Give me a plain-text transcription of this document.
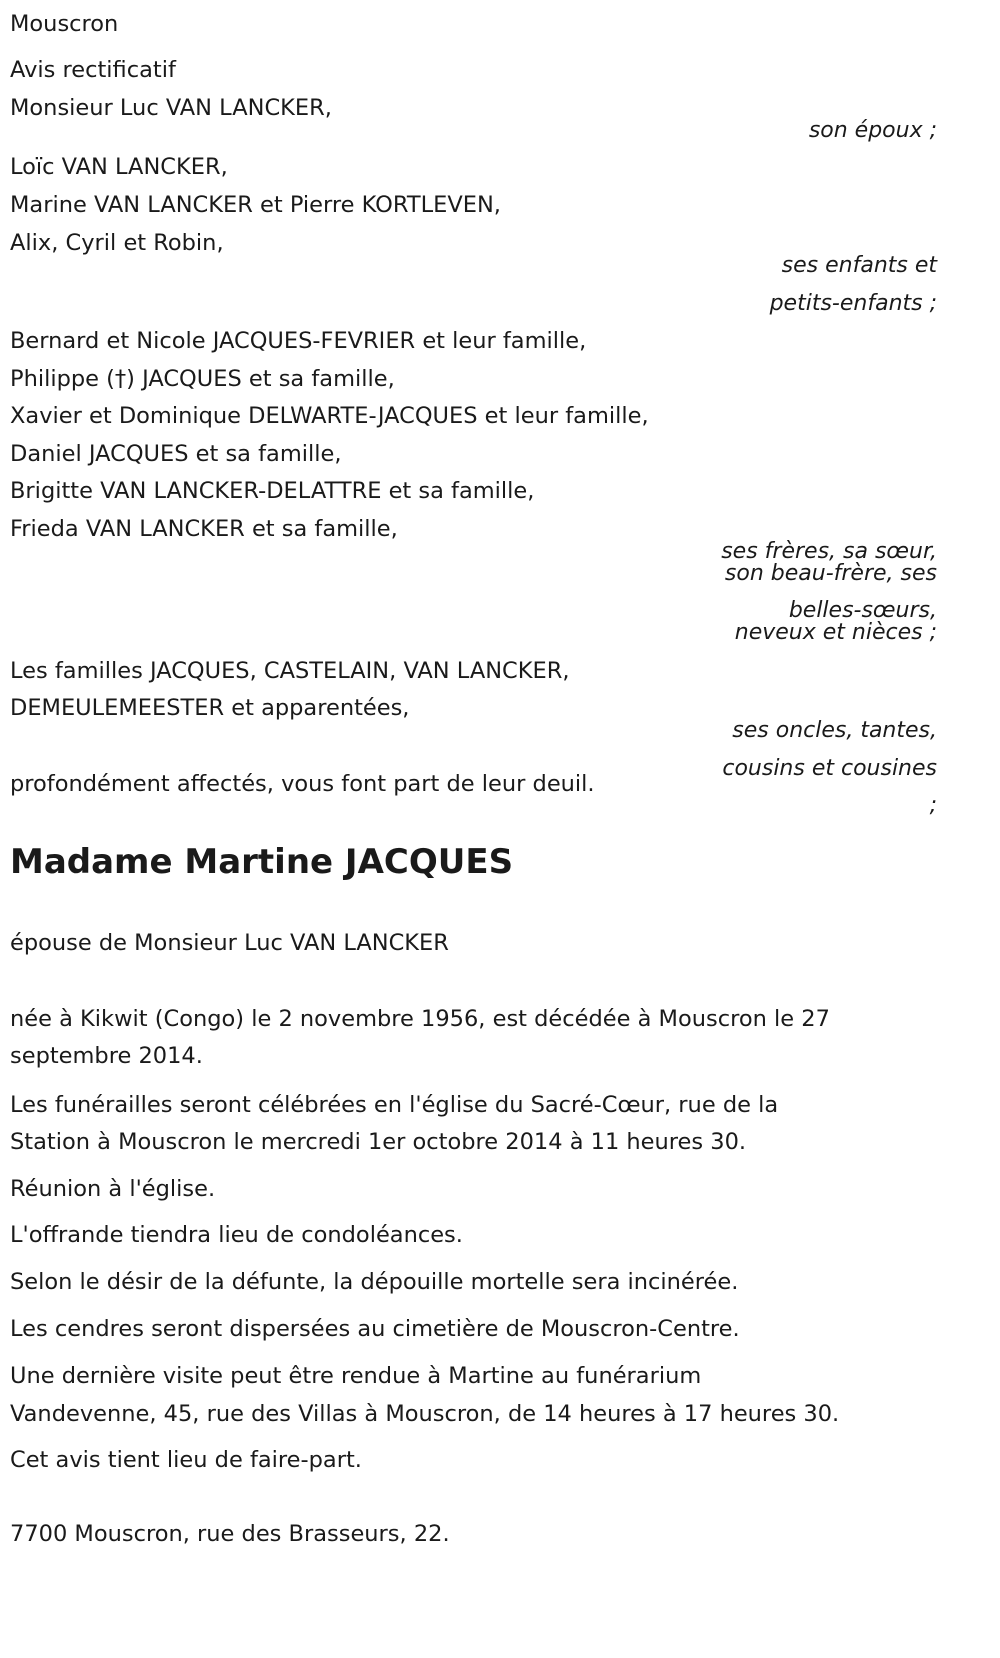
Mouscron
Avis rectificatif
Monsieur Luc VAN LANCKER,
son époux ;
Loïc VAN LANCKER,
Marine VAN LANCKER et Pierre KORTLEVEN,
Alix, Cyril et Robin,
ses enfants et
petits-enfants ;
Bernard et Nicole JACQUES-FEVRIER et leur famille,
Philippe (†) JACQUES et sa famille,
Xavier et Dominique DELWARTE-JACQUES et leur famille,
Daniel JACQUES et sa famille,
Brigitte VAN LANCKER-DELATTRE et sa famille,
Frieda VAN LANCKER et sa famille,
ses frères, sa sœur,
son beau-frère, ses
belles-sœurs,
neveux et nièces ;
Les familles JACQUES, CASTELAIN, VAN LANCKER,
DEMEULEMEESTER et apparentées,
ses oncles, tantes,
cousins et cousines
;
profondément affectés, vous font part de leur deuil.
Madame Martine JACQUES
épouse de Monsieur Luc VAN LANCKER
née à Kikwit (Congo) le 2 novembre 1956, est décédée à Mouscron le 27
septembre 2014.
Les funérailles seront célébrées en l'église du Sacré-Cœur, rue de la
Station à Mouscron le mercredi 1er octobre 2014 à 11 heures 30.
Réunion à l'église.
L'offrande tiendra lieu de condoléances.
Selon le désir de la défunte, la dépouille mortelle sera incinérée.
Les cendres seront dispersées au cimetière de Mouscron-Centre.
Une dernière visite peut être rendue à Martine au funérarium
Vandevenne, 45, rue des Villas à Mouscron, de 14 heures à 17 heures 30.
Cet avis tient lieu de faire-part.
7700 Mouscron, rue des Brasseurs, 22.
